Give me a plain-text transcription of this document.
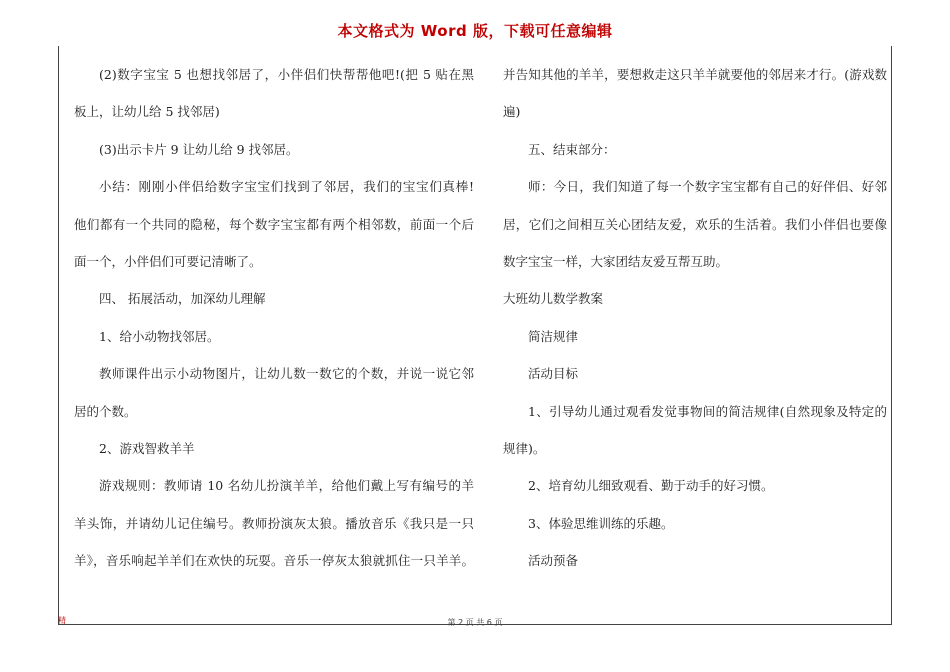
本文格式为 Word 版，下载可任意编辑

(2)数字宝宝 5 也想找邻居了，小伴侣们快帮帮他吧!(把 5 贴在黑

板上，让幼儿给 5 找邻居)

(3)出示卡片 9 让幼儿给 9 找邻居。

小结：刚刚小伴侣给数字宝宝们找到了邻居，我们的宝宝们真棒!

他们都有一个共同的隐秘，每个数字宝宝都有两个相邻数，前面一个后

面一个，小伴侣们可要记清晰了。

四、 拓展活动，加深幼儿理解

1、给小动物找邻居。

教师课件出示小动物图片，让幼儿数一数它的个数，并说一说它邻

居的个数。

2、游戏智救羊羊

游戏规则：教师请 10 名幼儿扮演羊羊，给他们戴上写有编号的羊

羊头饰，并请幼儿记住编号。教师扮演灰太狼。播放音乐《我只是一只

羊》，音乐响起羊羊们在欢快的玩耍。音乐一停灰太狼就抓住一只羊羊。

并告知其他的羊羊，要想救走这只羊羊就要他的邻居来才行。(游戏数

遍)

五、结束部分：

师：今日，我们知道了每一个数字宝宝都有自己的好伴侣、好邻

居，它们之间相互关心团结友爱，欢乐的生活着。我们小伴侣也要像

数字宝宝一样，大家团结友爱互帮互助。

大班幼儿数学教案

简洁规律

活动目标

1、引导幼儿通过观看发觉事物间的简洁规律(自然现象及特定的

规律)。

2、培育幼儿细致观看、勤于动手的好习惯。

3、体验思维训练的乐趣。

活动预备

精	第 2 页 共 6 页
